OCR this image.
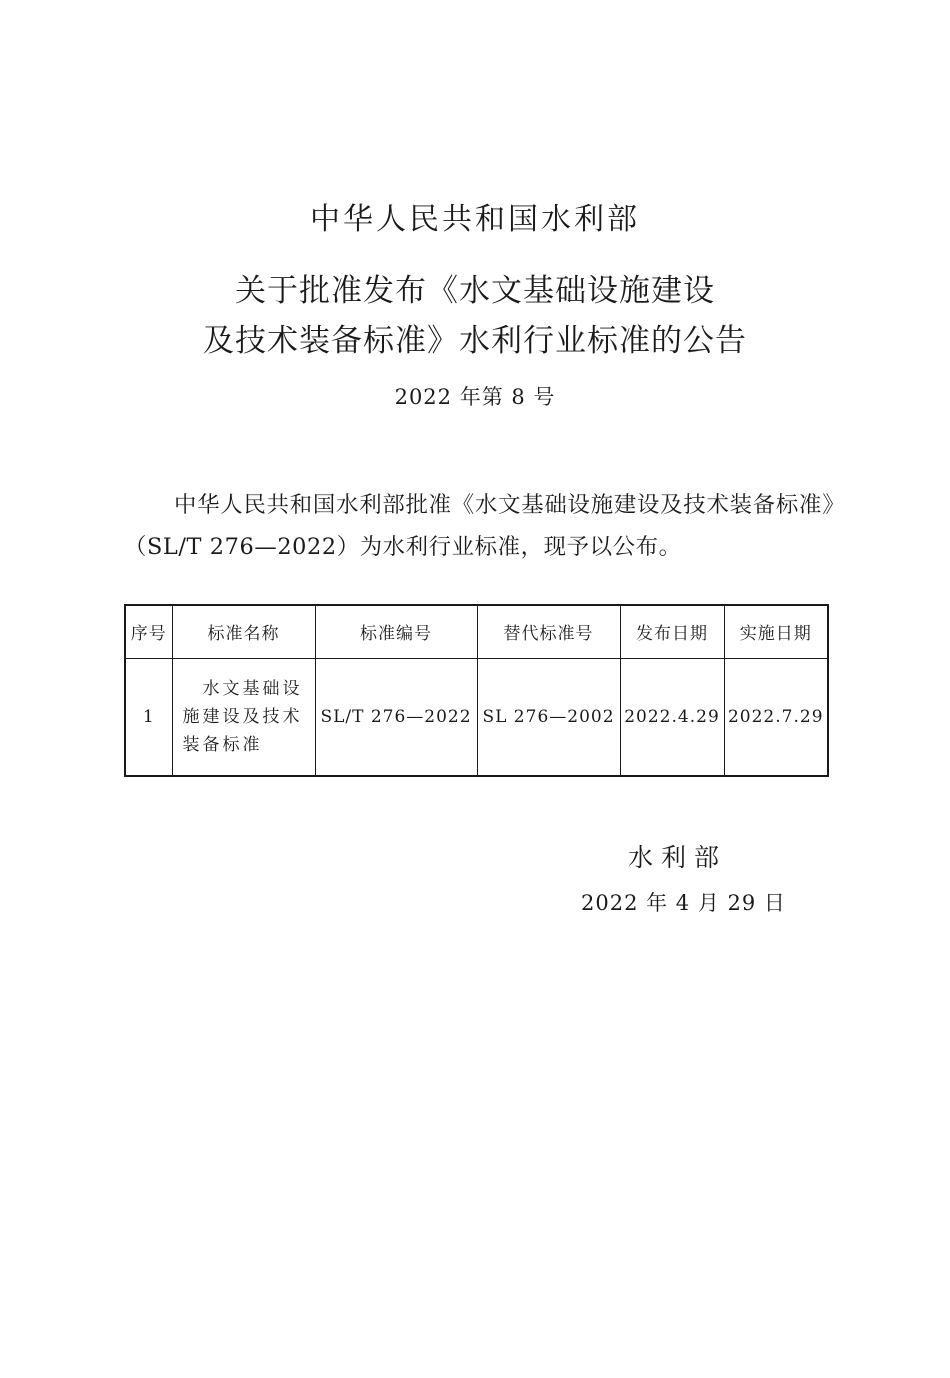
中华人民共和国水利部
关于批准发布《水文基础设施建设
及技术装备标准》水利行业标准的公告
2022 年第 8 号
中华人民共和国水利部批准《水文基础设施建设及技术装备标准》（SL/T 276—2022）为水利行业标准，现予以公布。
序号	标准名称	标准编号	替代标准号	发布日期	实施日期
1	水文基础设
施建设及技术
装备标准	SL/T 276—2022	SL 276—2002	2022.4.29	2022.7.29
水利部
2022 年 4 月 29 日
